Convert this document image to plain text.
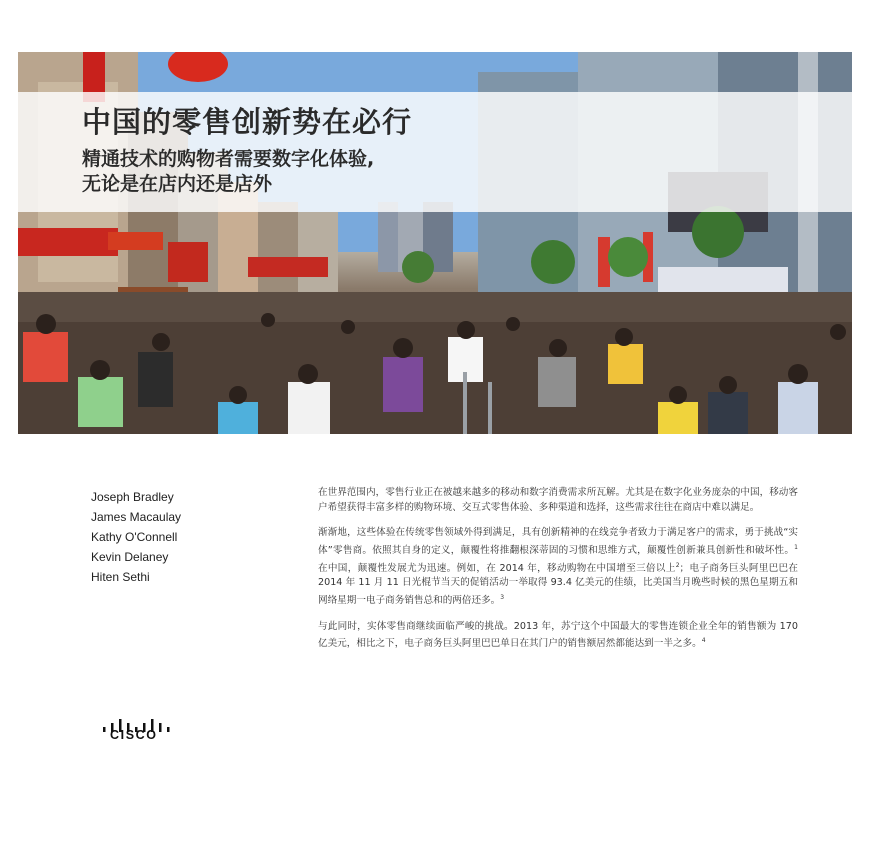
中国的零售创新势在必行
精通技术的购物者需要数字化体验,
无论是在店内还是店外
Joseph Bradley
James Macaulay
Kathy O'Connell
Kevin Delaney
Hiten Sethi

在世界范围内，零售行业正在被越来越多的移动和数字消费需求所瓦解。尤其是在数字化业务庞杂的中国，移动客户希望获得丰富多样的购物环境、交互式零售体验、多种渠道和选择，这些需求往往在商店中难以满足。

渐渐地，这些体验在传统零售领域外得到满足，具有创新精神的在线竞争者致力于满足客户的需求，勇于挑战“实体”零售商。依照其自身的定义，颠覆性将推翻根深蒂固的习惯和思维方式，颠覆性创新兼具创新性和破坏性。$^1$ 在中国，颠覆性发展尤为迅速。例如，在 2014 年，移动购物在中国增至三倍以上$^2$；电子商务巨头阿里巴巴在 2014 年 11 月 11 日光棍节当天的促销活动一举取得 93.4 亿美元的佳绩，比美国当月晚些时候的黑色星期五和网络星期一电子商务销售总和的两倍还多。$^3$

与此同时，实体零售商继续面临严峻的挑战。2013 年，苏宁这个中国最大的零售连锁企业全年的销售额为 170 亿美元，相比之下，电子商务巨头阿里巴巴单日在其门户的销售额居然都能达到一半之多。$^4$

CISCO
